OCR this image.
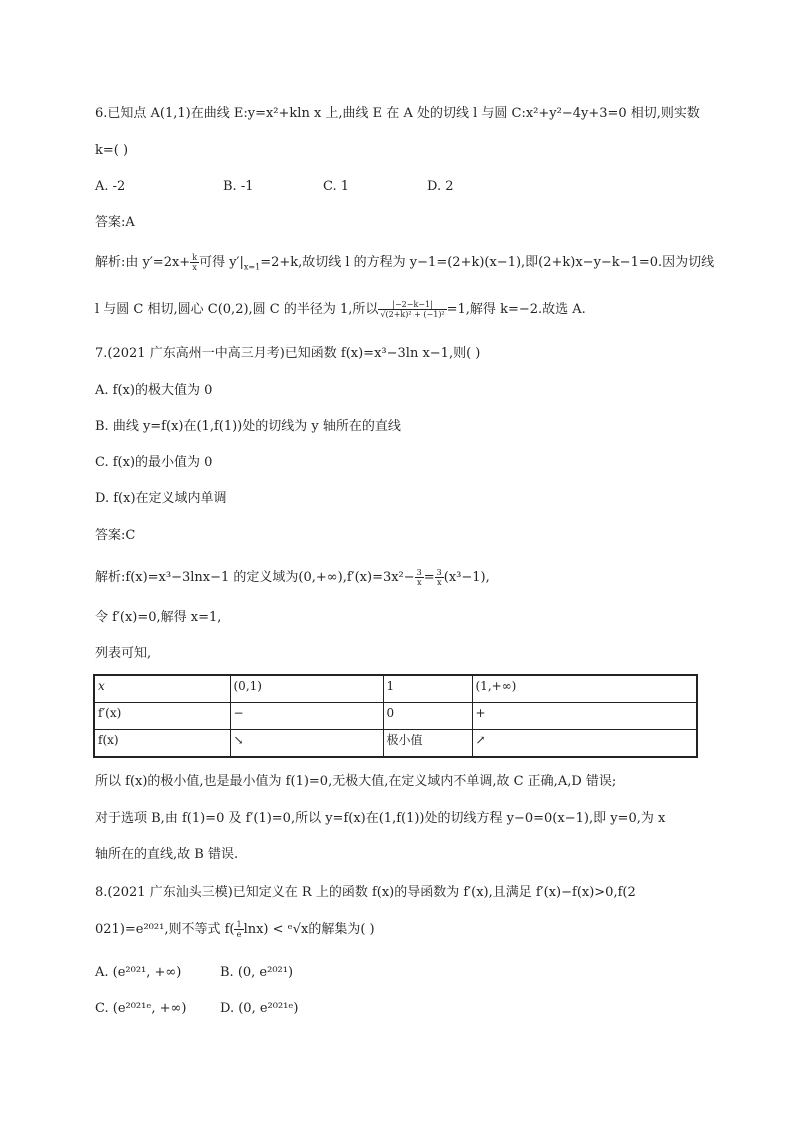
6.已知点 A(1,1)在曲线 E:y=x²+kln x 上,曲线 E 在 A 处的切线 l 与圆 C:x²+y²−4y+3=0 相切,则实数
k=( )
A. -2	B. -1	C. 1	D. 2
答案:A
解析:由 $y'=2x+ \frac{k}{x}$ 可得 $y'|_{x=1}=2+k$,故切线 l 的方程为 y−1=(2+k)(x−1),即(2+k)x−y−k−1=0.因为切线
l 与圆 C 相切,圆心 C(0,2),圆 C 的半径为 1,所以 $\frac{|-2-k-1|}{\text{√(2+k)² + (−1)²}} =1$,解得 k=−2.故选 A.
7.(2021 广东高州一中高三月考)已知函数 f(x)=x³−3ln x−1,则( )
A. f(x)的极大值为 0
B. 曲线 y=f(x)在(1,f(1))处的切线为 y 轴所在的直线
C. f(x)的最小值为 0
D. f(x)在定义域内单调
答案:C
解析:f(x)=x³−3lnx−1 的定义域为$(0,+\infty),f'(x)=3x^2- \frac{3}{x} = \frac{3}{x} (x^3-1)$,
令 f′(x)=0,解得 x=1,
列表可知,
x	(0,1)	1	(1,+∞)
f′(x)	−	0	+
f(x)	↘	极小值	↗
所以 f(x)的极小值,也是最小值为 f(1)=0,无极大值,在定义域内不单调,故 C 正确,A,D 错误;
对于选项 B,由 f(1)=0 及 f′(1)=0,所以 y=f(x)在(1,f(1))处的切线方程 y−0=0(x−1),即 y=0,为 x
轴所在的直线,故 B 错误.
8.(2021 广东汕头三模)已知定义在 R 上的函数 f(x)的导函数为 f′(x),且满足 f′(x)−f(x)>0,f(2
021)=e²⁰²¹,则不等式 $f( \frac{1}{e} \ln x)$ < ᵉ√x的解集为( )
A. (e²⁰²¹, +∞)	B. (0, e²⁰²¹)
C. (e²⁰²¹ᵉ, +∞)	D. (0, e²⁰²¹ᵉ)
